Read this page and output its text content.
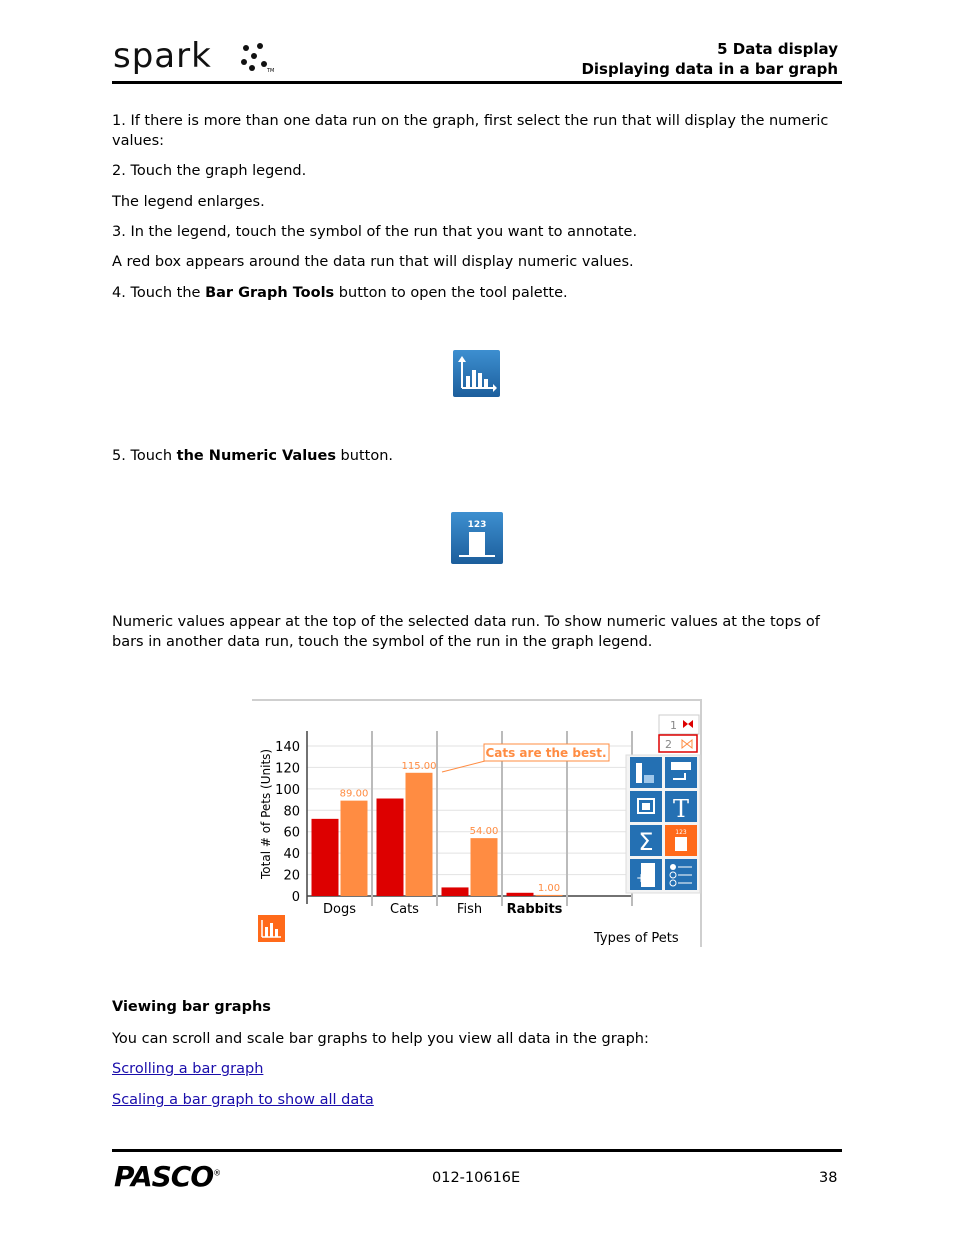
spark	TM
5 Data display
Displaying data in a bar graph

1. If there is more than one data run on the graph, first select the run that will display the numeric values:

2. Touch the graph legend.

The legend enlarges.

3. In the legend, touch the symbol of the run that you want to annotate.

A red box appears around the data run that will display numeric values.

4. Touch the Bar Graph Tools button to open the tool palette.

5. Touch the Numeric Values button.

123

Numeric values appear at the top of the selected data run. To show numeric values at the tops of bars in another data run, touch the symbol of the run in the graph legend.

140
120
100
80
60
40
20
0
89.00
Dogs
115.00
Cats
54.00
Fish
1.00
Rabbits
Total # of Pets (Units)
Types of Pets
Cats are the best.
1
2
T
Σ	123
+

Viewing bar graphs

You can scroll and scale bar graphs to help you view all data in the graph:

Scrolling a bar graph

Scaling a bar graph to show all data

PASCO®	012-10616E	38
